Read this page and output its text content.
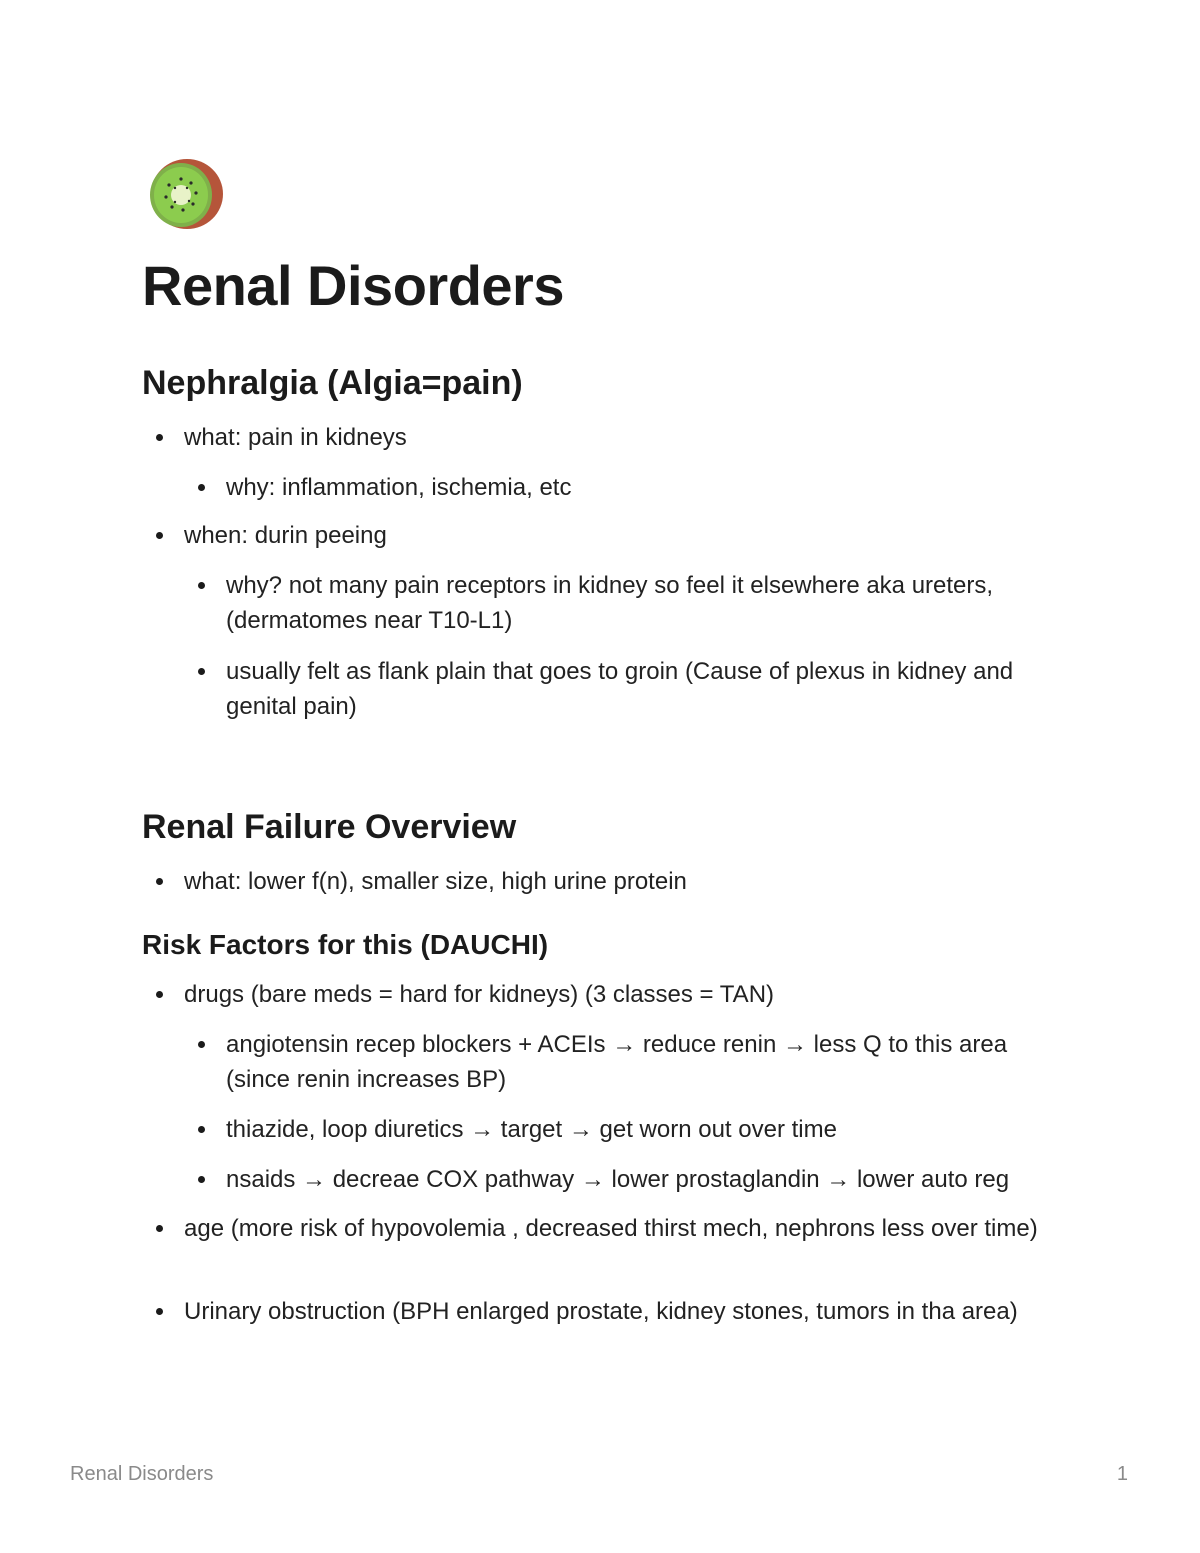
Renal Disorders
Nephralgia (Algia=pain)

what: pain in kidneys

why: inflammation, ischemia, etc

when: durin peeing

why? not many pain receptors in kidney so feel it elsewhere aka ureters, (dermatomes near T10-L1)

usually felt as flank plain that goes to groin (Cause of plexus in kidney and genital pain)

Renal Failure Overview

what: lower f(n), smaller size, high urine protein

Risk Factors for this (DAUCHI)

drugs (bare meds = hard for kidneys) (3 classes = TAN)

angiotensin recep blockers + ACEIs → reduce renin → less Q to this area (since renin increases BP)

thiazide, loop diuretics → target → get worn out over time

nsaids → decreae COX pathway → lower prostaglandin → lower auto reg

age (more risk of hypovolemia , decreased thirst mech, nephrons less over time)

Urinary obstruction (BPH enlarged prostate, kidney stones, tumors in tha area)

Renal Disorders	1
